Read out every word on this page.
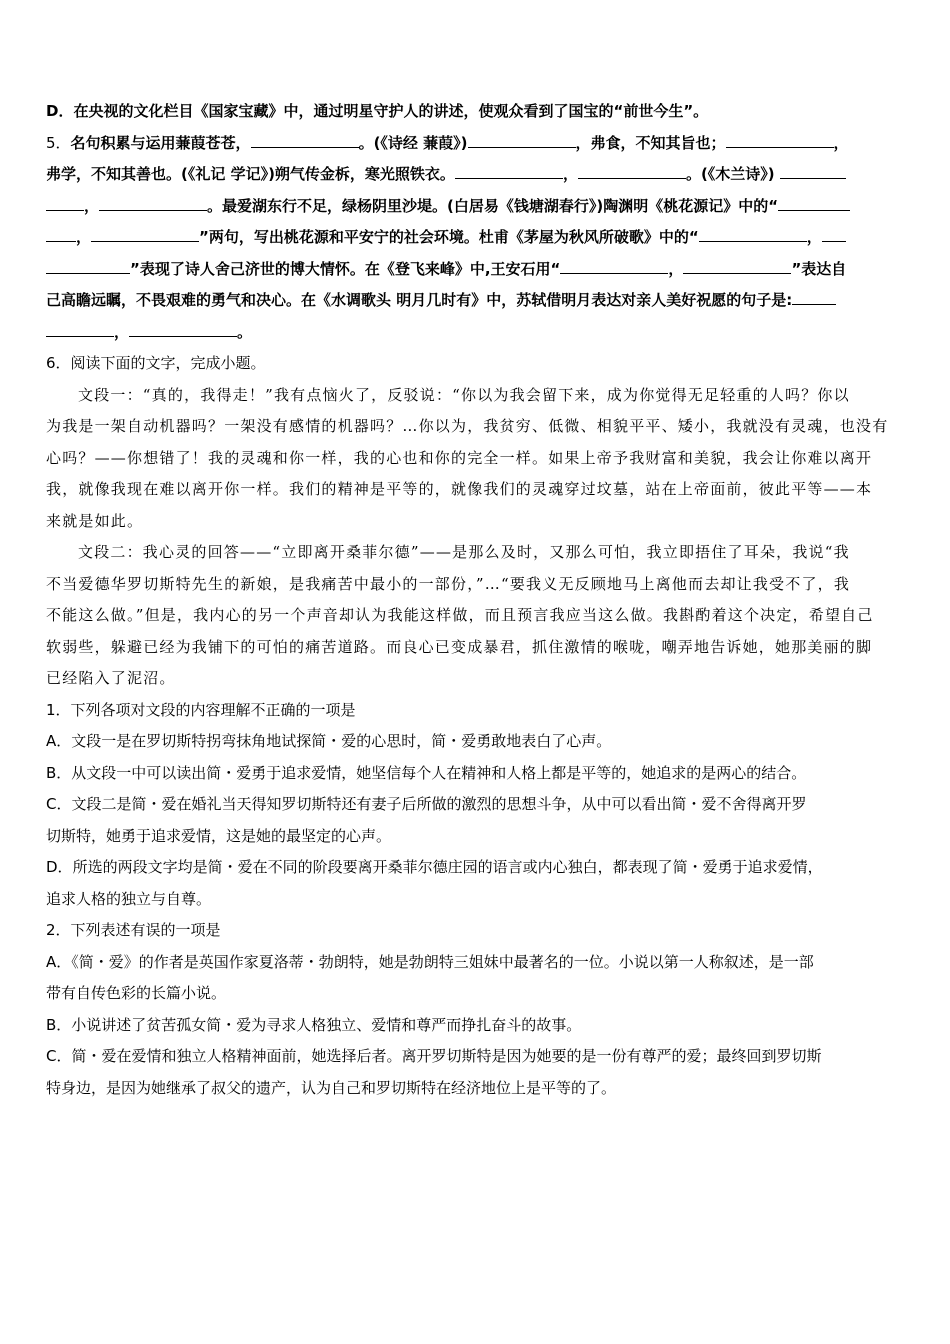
D．在央视的文化栏目《国家宝藏》中，通过明星守护人的讲述，使观众看到了国宝的“前世今生”。
5．名句积累与运用蒹葭苍苍，	。(《诗经 蒹葭》)	，弗食，不知其旨也；	，
弗学，不知其善也。(《礼记 学记》)朔气传金柝，寒光照铁衣。	，	。(《木兰诗》)
，	。最爱湖东行不足，绿杨阴里沙堤。(白居易《钱塘湖春行》)陶渊明《桃花源记》中的“
，	”两句，写出桃花源和平安宁的社会环境。杜甫《茅屋为秋风所破歌》中的“	，
”表现了诗人舍己济世的博大情怀。在《登飞来峰》中,王安石用“	，	”表达自
己高瞻远瞩，不畏艰难的勇气和决心。在《水调歌头 明月几时有》中，苏轼借明月表达对亲人美好祝愿的句子是:
，	。
6．阅读下面的文字，完成小题。
文段一：“真的，我得走！”我有点恼火了，反驳说：“你以为我会留下来，成为你觉得无足轻重的人吗？你以
为我是一架自动机器吗？一架没有感情的机器吗？…你以为，我贫穷、低微、相貌平平、矮小，我就没有灵魂，也没有
心吗？——你想错了！我的灵魂和你一样，我的心也和你的完全一样。如果上帝予我财富和美貌，我会让你难以离开
我，就像我现在难以离开你一样。我们的精神是平等的，就像我们的灵魂穿过坟墓，站在上帝面前，彼此平等——本
来就是如此。
文段二：我心灵的回答——“立即离开桑菲尔德”——是那么及时，又那么可怕，我立即捂住了耳朵，我说“我
不当爱德华罗切斯特先生的新娘，是我痛苦中最小的一部份，”…“要我义无反顾地马上离他而去却让我受不了，我
不能这么做。”但是，我内心的另一个声音却认为我能这样做，而且预言我应当这么做。我斟酌着这个决定，希望自己
软弱些，躲避已经为我铺下的可怕的痛苦道路。而良心已变成暴君，抓住激情的喉咙，嘲弄地告诉她，她那美丽的脚
已经陷入了泥沼。
1．下列各项对文段的内容理解不正确的一项是
A．文段一是在罗切斯特拐弯抹角地试探简・爱的心思时，简・爱勇敢地表白了心声。
B．从文段一中可以读出简・爱勇于追求爱情，她坚信每个人在精神和人格上都是平等的，她追求的是两心的结合。
C．文段二是简・爱在婚礼当天得知罗切斯特还有妻子后所做的激烈的思想斗争，从中可以看出简・爱不舍得离开罗
切斯特，她勇于追求爱情，这是她的最坚定的心声。
D．所选的两段文字均是简・爱在不同的阶段要离开桑菲尔德庄园的语言或内心独白，都表现了简・爱勇于追求爱情，
追求人格的独立与自尊。
2．下列表述有误的一项是
A．《简・爱》的作者是英国作家夏洛蒂・勃朗特，她是勃朗特三姐妹中最著名的一位。小说以第一人称叙述，是一部
带有自传色彩的长篇小说。
B．小说讲述了贫苦孤女简・爱为寻求人格独立、爱情和尊严而挣扎奋斗的故事。
C．简・爱在爱情和独立人格精神面前，她选择后者。离开罗切斯特是因为她要的是一份有尊严的爱；最终回到罗切斯
特身边，是因为她继承了叔父的遗产，认为自己和罗切斯特在经济地位上是平等的了。
